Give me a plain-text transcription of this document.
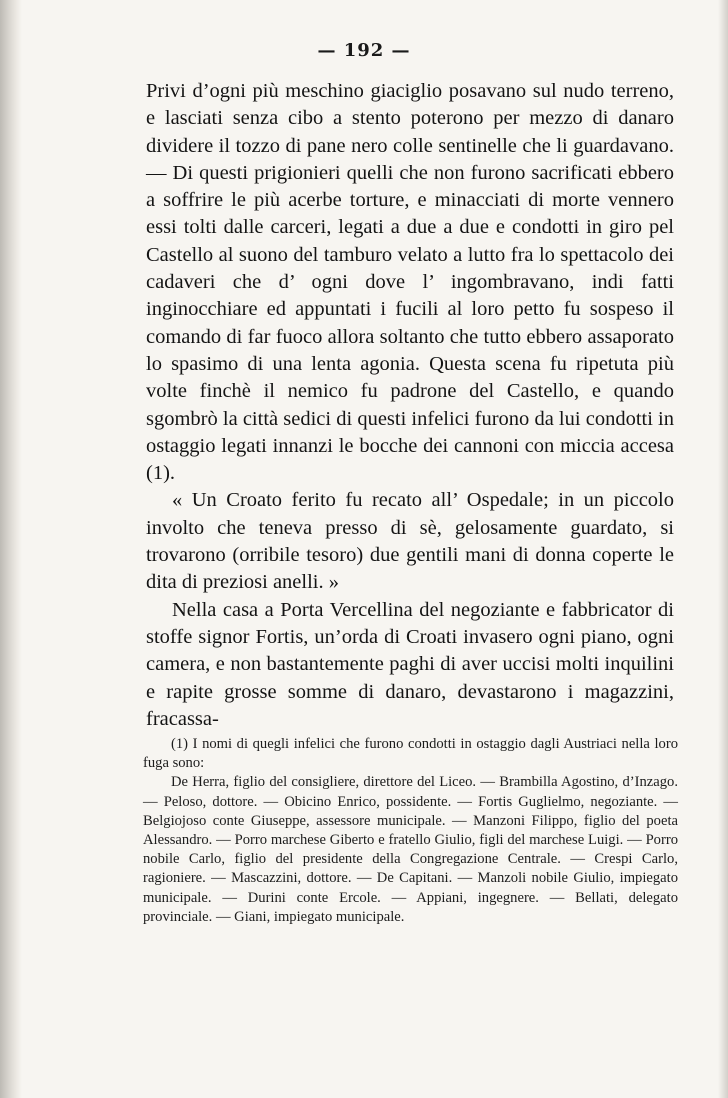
— 192 —

Privi d’ogni più meschino giaciglio posavano sul nudo terreno, e lasciati senza cibo a stento poterono per mezzo di danaro dividere il tozzo di pane nero colle sentinelle che li guardavano. — Di questi prigionieri quelli che non furono sacrificati ebbero a soffrire le più acerbe torture, e minacciati di morte vennero essi tolti dalle carceri, legati a due a due e condotti in giro pel Castello al suono del tamburo velato a lutto fra lo spettacolo dei cadaveri che d’ ogni dove l’ ingombravano, indi fatti inginocchiare ed appuntati i fucili al loro petto fu sospeso il comando di far fuoco allora soltanto che tutto ebbero assaporato lo spasimo di una lenta agonia. Questa scena fu ripetuta più volte finchè il nemico fu padrone del Castello, e quando sgombrò la città sedici di questi infelici furono da lui condotti in ostaggio legati innanzi le bocche dei cannoni con miccia accesa (1).

« Un Croato ferito fu recato all’ Ospedale; in un piccolo involto che teneva presso di sè, gelosamente guardato, si trovarono (orribile tesoro) due gentili mani di donna coperte le dita di preziosi anelli. »

Nella casa a Porta Vercellina del negoziante e fabbricator di stoffe signor Fortis, un’orda di Croati invasero ogni piano, ogni camera, e non bastantemente paghi di aver uccisi molti inquilini e rapite grosse somme di danaro, devastarono i magazzini, fracassa-

(1) I nomi di quegli infelici che furono condotti in ostaggio dagli Austriaci nella loro fuga sono:

De Herra, figlio del consigliere, direttore del Liceo. — Brambilla Agostino, d’Inzago. — Peloso, dottore. — Obicino Enrico, possidente. — Fortis Guglielmo, negoziante. — Belgiojoso conte Giuseppe, assessore municipale. — Manzoni Filippo, figlio del poeta Alessandro. — Porro marchese Giberto e fratello Giulio, figli del marchese Luigi. — Porro nobile Carlo, figlio del presidente della Congregazione Centrale. — Crespi Carlo, ragioniere. — Mascazzini, dottore. — De Capitani. — Manzoli nobile Giulio, impiegato municipale. — Durini conte Ercole. — Appiani, ingegnere. — Bellati, delegato provinciale. — Giani, impiegato municipale.
